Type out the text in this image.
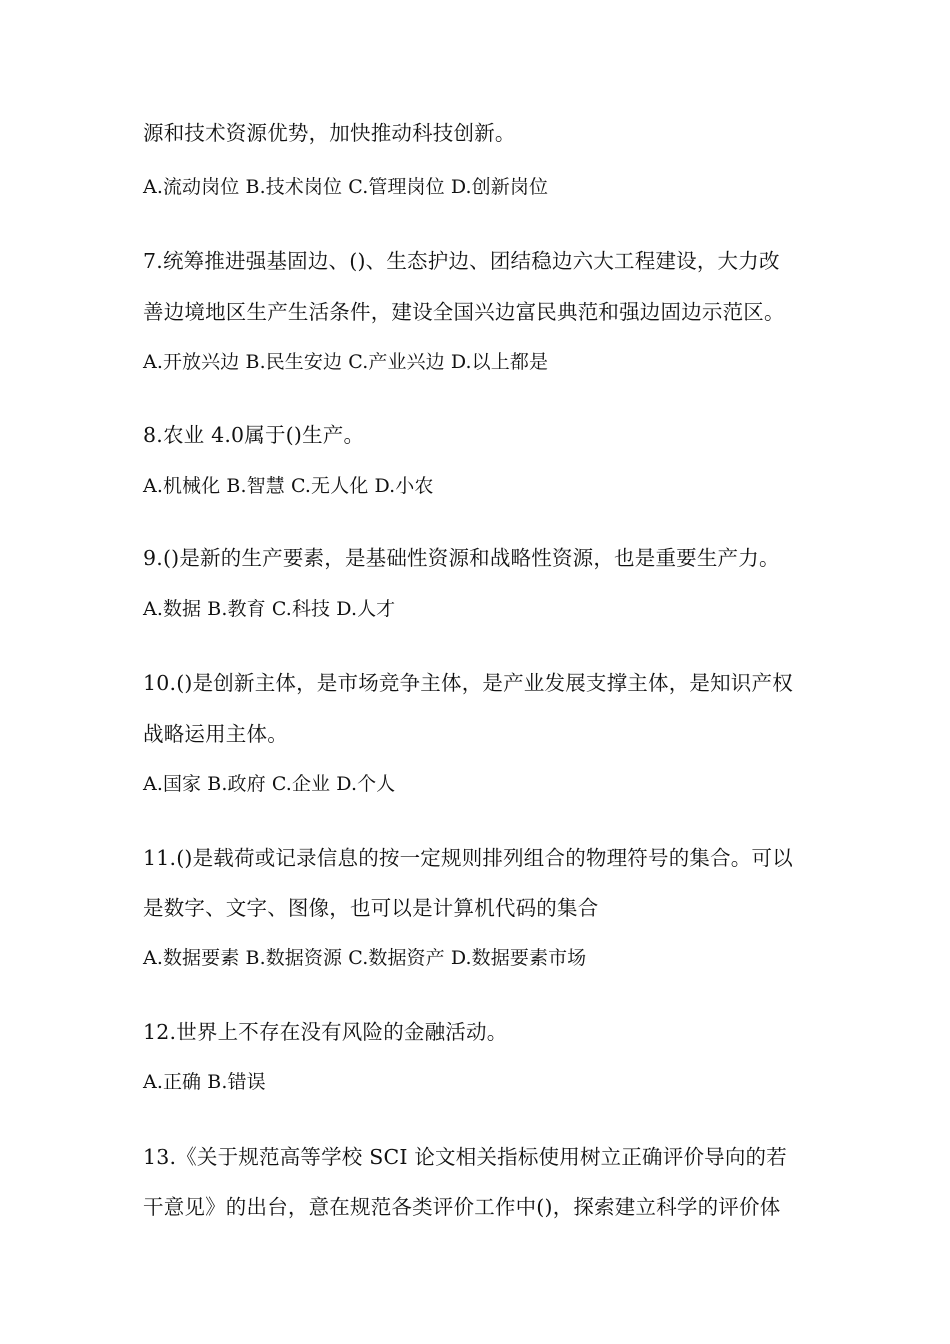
源和技术资源优势，加快推动科技创新。
A.流动岗位 B.技术岗位 C.管理岗位 D.创新岗位
7.统筹推进强基固边、()、生态护边、团结稳边六大工程建设，大力改
善边境地区生产生活条件，建设全国兴边富民典范和强边固边示范区。
A.开放兴边 B.民生安边 C.产业兴边 D.以上都是
8.农业 4.0属于()生产。
A.机械化 B.智慧 C.无人化 D.小农
9.()是新的生产要素，是基础性资源和战略性资源，也是重要生产力。
A.数据 B.教育 C.科技 D.人才
10.()是创新主体，是市场竞争主体，是产业发展支撑主体，是知识产权
战略运用主体。
A.国家 B.政府 C.企业 D.个人
11.()是载荷或记录信息的按一定规则排列组合的物理符号的集合。可以
是数字、文字、图像，也可以是计算机代码的集合
A.数据要素 B.数据资源 C.数据资产 D.数据要素市场
12.世界上不存在没有风险的金融活动。
A.正确 B.错误
13.《关于规范高等学校 SCI 论文相关指标使用树立正确评价导向的若
干意见》的出台，意在规范各类评价工作中()，探索建立科学的评价体
